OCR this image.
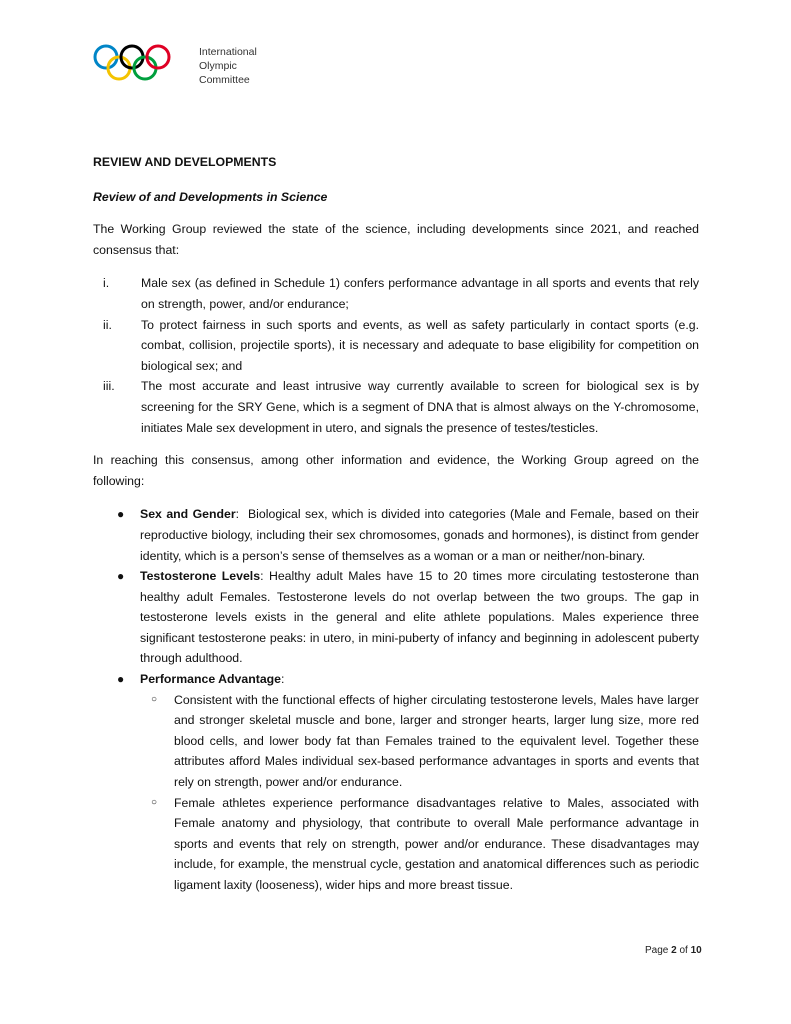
International
Olympic
Committee
REVIEW AND DEVELOPMENTS
Review of and Developments in Science

The Working Group reviewed the state of the science, including developments since 2021, and reached consensus that:

i.	Male sex (as defined in Schedule 1) confers performance advantage in all sports and events that rely on strength, power, and/or endurance;
ii.	To protect fairness in such sports and events, as well as safety particularly in contact sports (e.g. combat, collision, projectile sports), it is necessary and adequate to base eligibility for competition on biological sex; and
iii.	The most accurate and least intrusive way currently available to screen for biological sex is by screening for the SRY Gene, which is a segment of DNA that is almost always on the Y-chromosome, initiates Male sex development in utero, and signals the presence of testes/testicles.

In reaching this consensus, among other information and evidence, the Working Group agreed on the following:

● Sex and Gender:  Biological sex, which is divided into categories (Male and Female, based on their reproductive biology, including their sex chromosomes, gonads and hormones), is distinct from gender identity, which is a person’s sense of themselves as a woman or a man or neither/non-binary.
● Testosterone Levels: Healthy adult Males have 15 to 20 times more circulating testosterone than healthy adult Females. Testosterone levels do not overlap between the two groups. The gap in testosterone levels exists in the general and elite athlete populations. Males experience three significant testosterone peaks: in utero, in mini-puberty of infancy and beginning in adolescent puberty through adulthood.
● Performance Advantage:
○ Consistent with the functional effects of higher circulating testosterone levels, Males have larger and stronger skeletal muscle and bone, larger and stronger hearts, larger lung size, more red blood cells, and lower body fat than Females trained to the equivalent level. Together these attributes afford Males individual sex-based performance advantages in sports and events that rely on strength, power and/or endurance.
○ Female athletes experience performance disadvantages relative to Males, associated with Female anatomy and physiology, that contribute to overall Male performance advantage in sports and events that rely on strength, power and/or endurance. These disadvantages may include, for example, the menstrual cycle, gestation and anatomical differences such as periodic ligament laxity (looseness), wider hips and more breast tissue.
Page 2 of 10
